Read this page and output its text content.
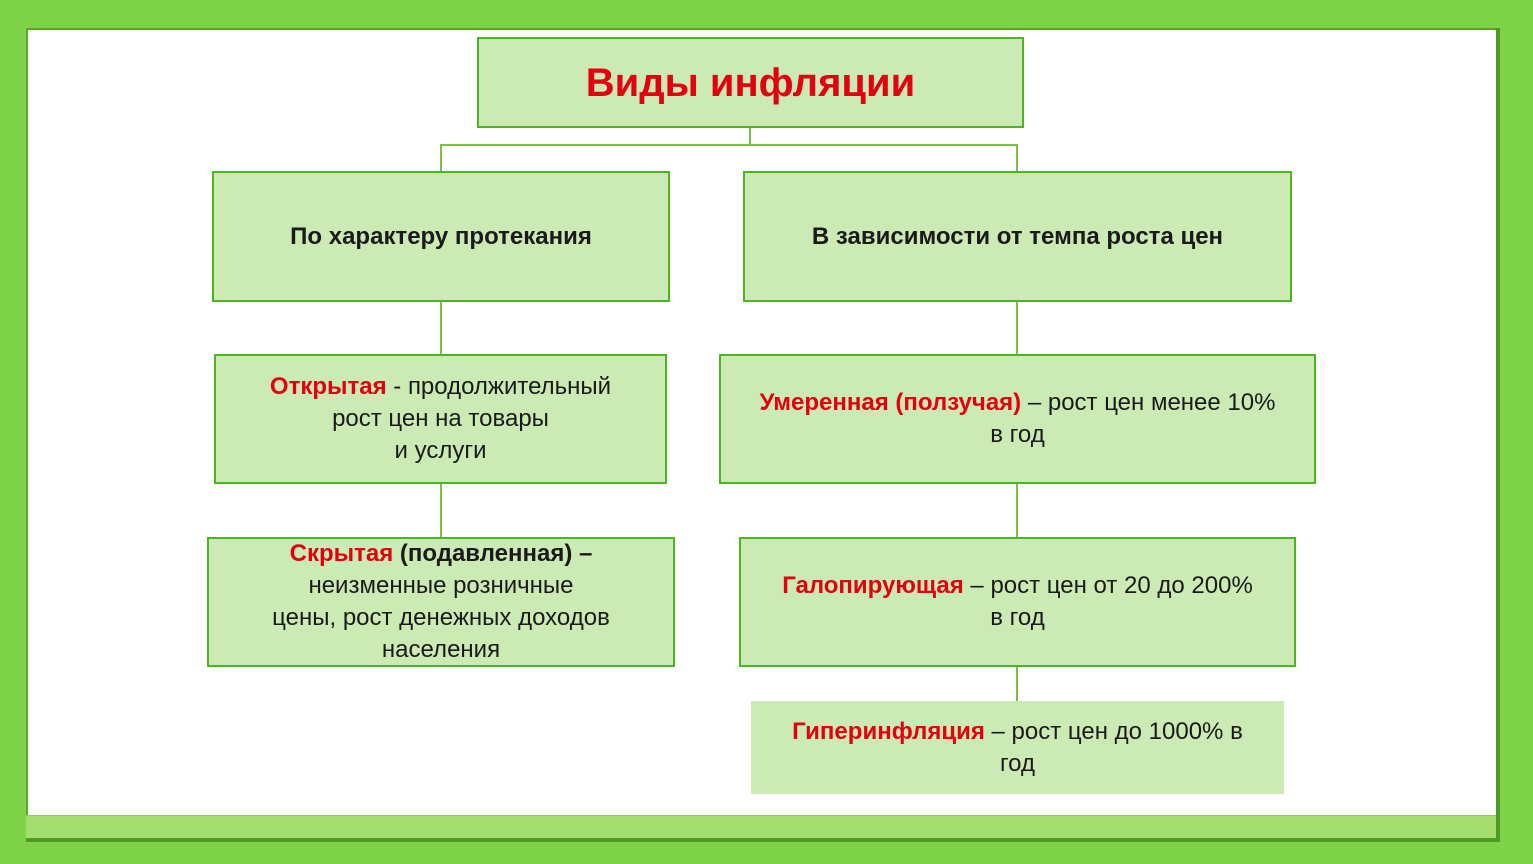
Виды инфляции
По характеру протекания	В зависимости от темпа роста цен
Открытая - продолжительный
рост цен на товары
и услуги
Скрытая (подавленная) –
неизменные розничные
цены, рост денежных доходов
населения
Умеренная (ползучая) – рост цен менее 10%
в год
Галопирующая – рост цен от 20 до 200%
в год
Гиперинфляция – рост цен до 1000% в
год
